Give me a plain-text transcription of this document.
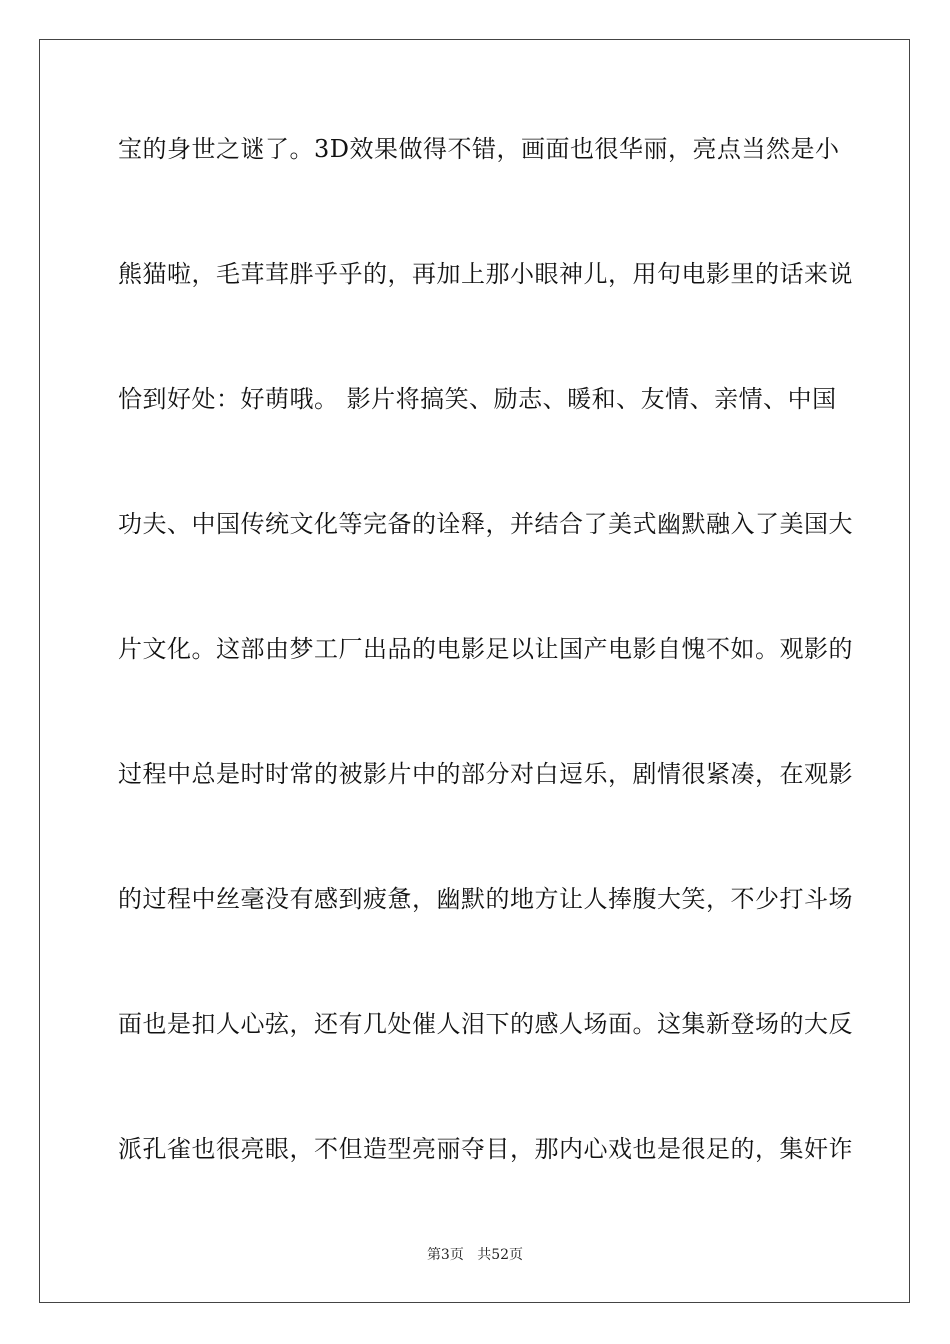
宝的身世之谜了。3D效果做得不错，画面也很华丽，亮点当然是小
熊猫啦，毛茸茸胖乎乎的，再加上那小眼神儿，用句电影里的话来说
恰到好处：好萌哦。 影片将搞笑、励志、暖和、友情、亲情、中国
功夫、中国传统文化等完备的诠释，并结合了美式幽默融入了美国大
片文化。这部由梦工厂出品的电影足以让国产电影自愧不如。观影的
过程中总是时时常的被影片中的部分对白逗乐，剧情很紧凑，在观影
的过程中丝毫没有感到疲惫，幽默的地方让人捧腹大笑，不少打斗场
面也是扣人心弦，还有几处催人泪下的感人场面。这集新登场的大反
派孔雀也很亮眼，不但造型亮丽夺目，那内心戏也是很足的，集奸诈
第3页 共52页
